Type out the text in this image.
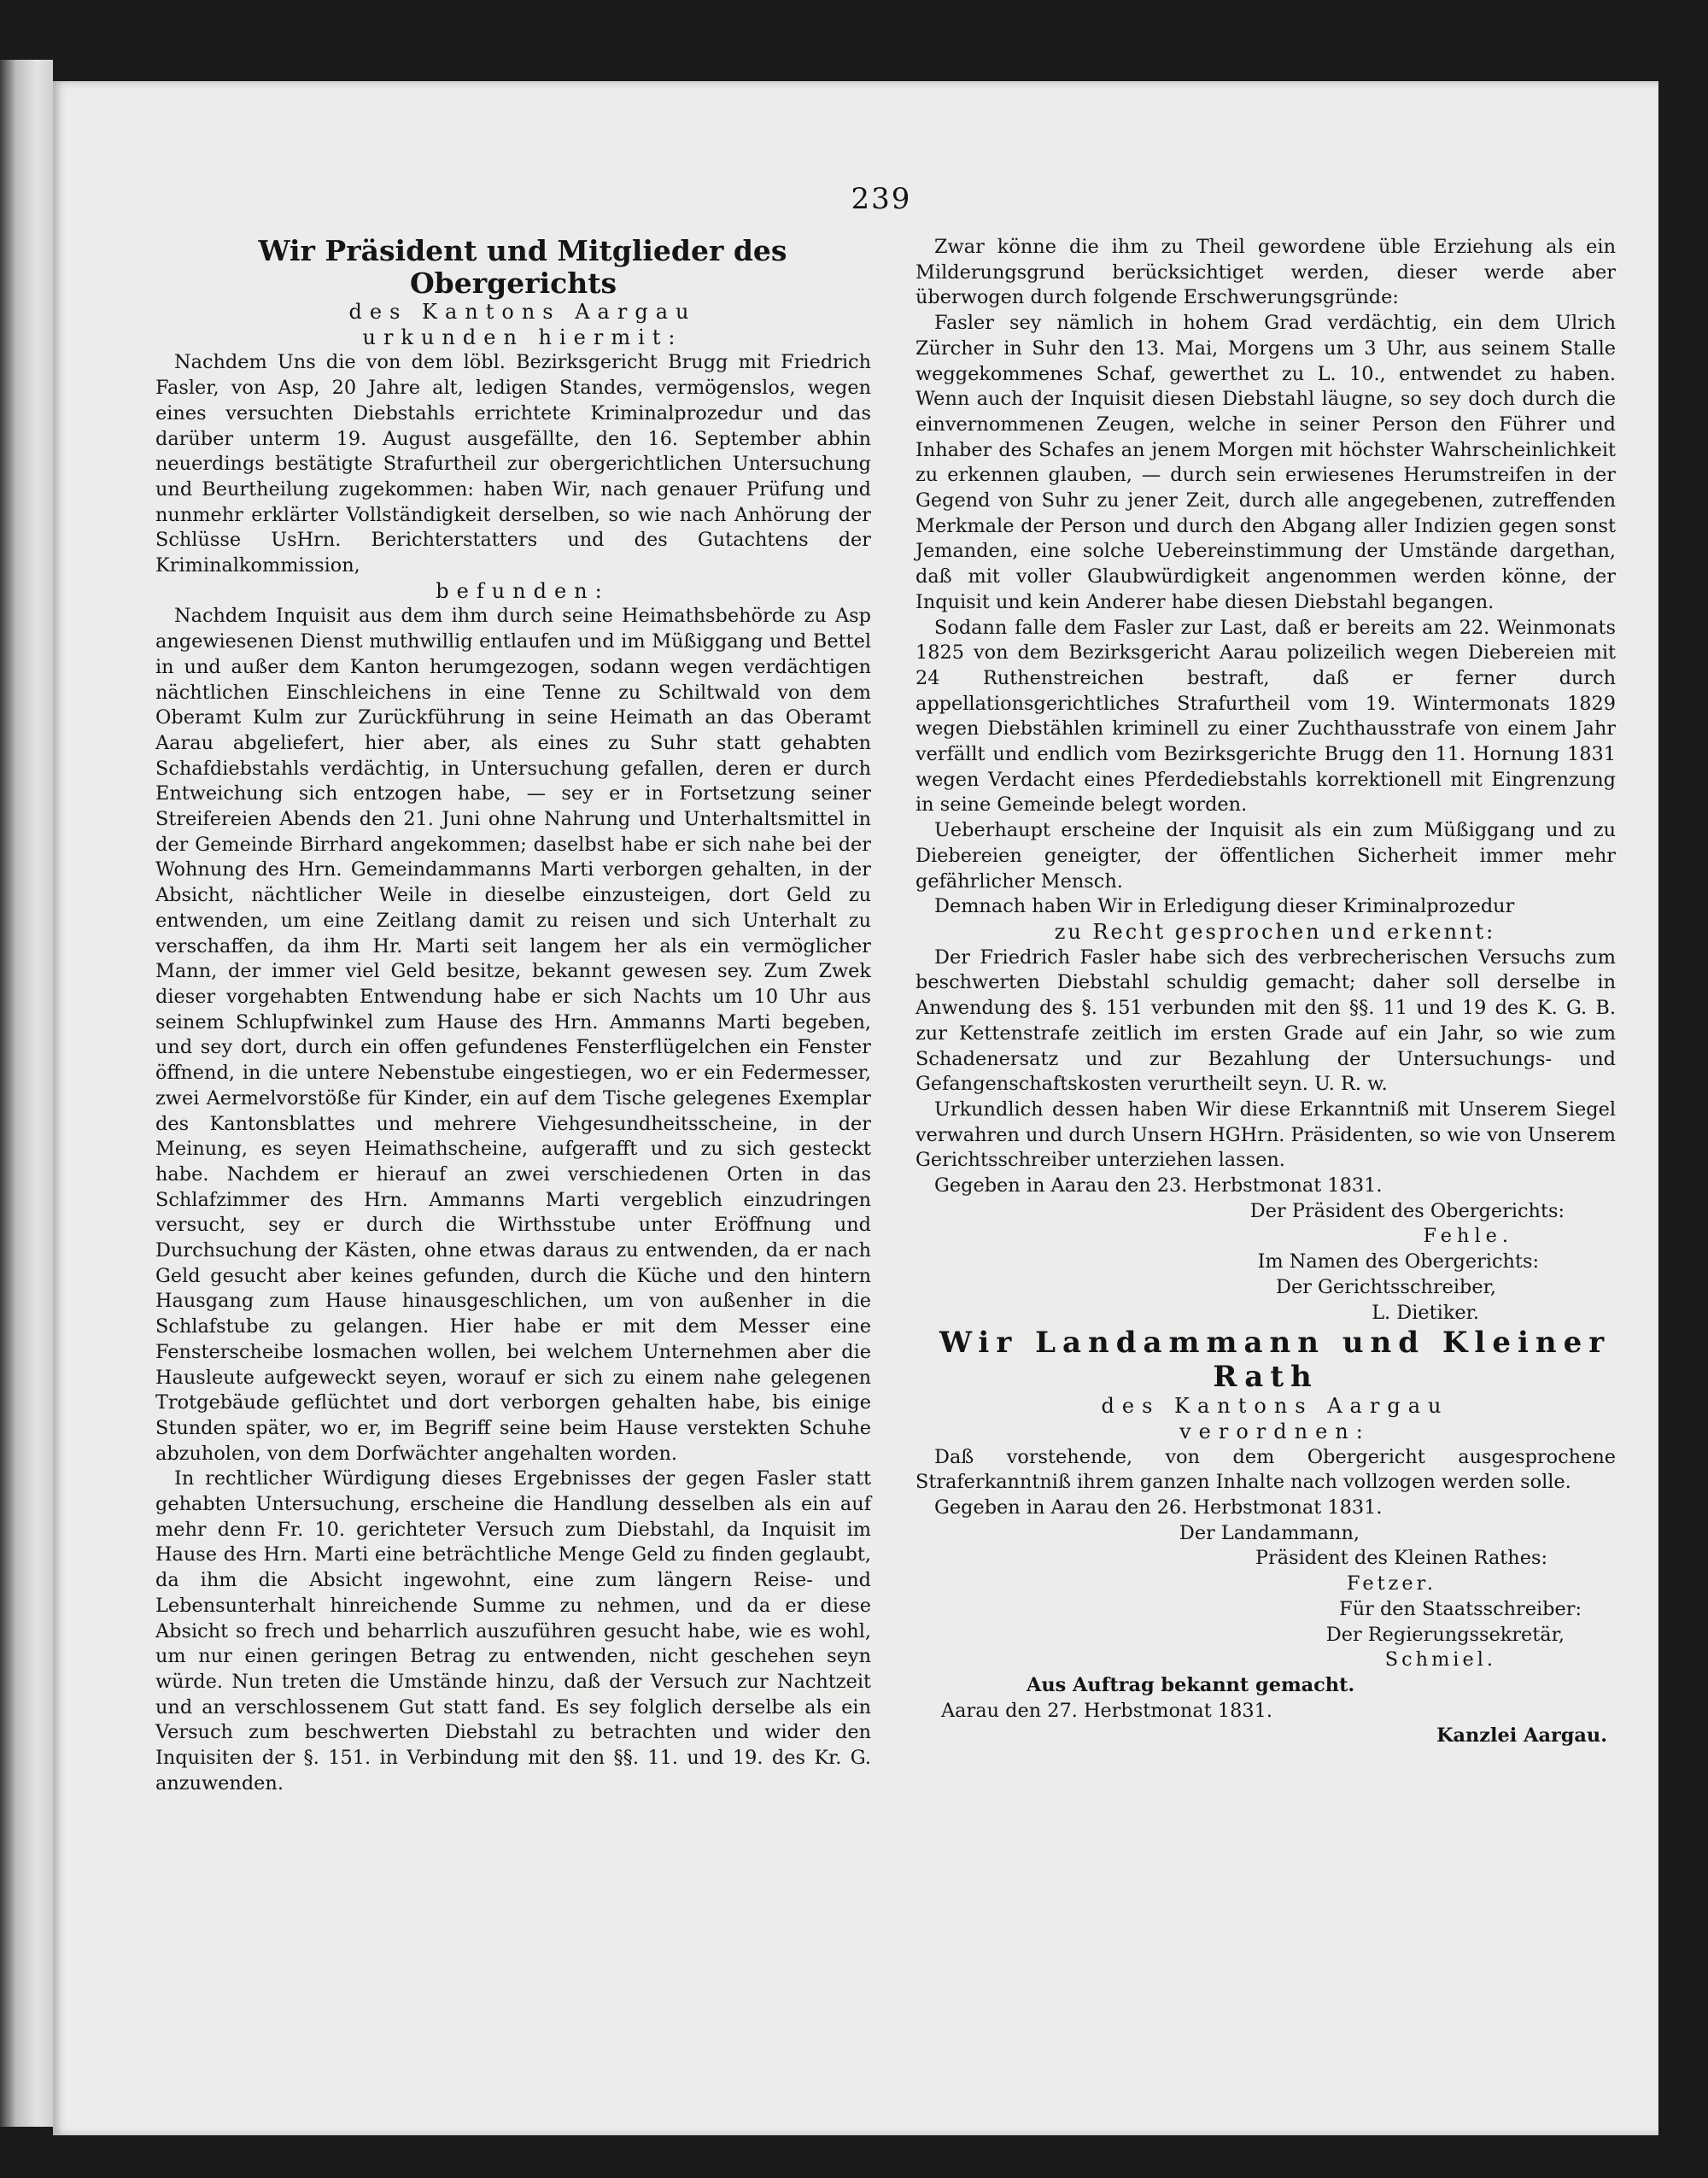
239

Wir Präsident und Mitglieder des Obergerichts

des Kantons Aargau

urkunden hiermit:

Nachdem Uns die von dem löbl. Bezirksgericht Brugg mit Friedrich Fasler, von Asp, 20 Jahre alt, ledigen Standes, vermögenslos, wegen eines versuchten Diebstahls errichtete Kriminalprozedur und das darüber unterm 19. August ausgefällte, den 16. September abhin neuerdings bestätigte Strafurtheil zur obergerichtlichen Untersuchung und Beurtheilung zugekommen: haben Wir, nach genauer Prüfung und nunmehr erklärter Vollständigkeit derselben, so wie nach Anhörung der Schlüsse UsHrn. Berichterstatters und des Gutachtens der Kriminalkommission,

befunden:

Nachdem Inquisit aus dem ihm durch seine Heimathsbehörde zu Asp angewiesenen Dienst muthwillig entlaufen und im Müßiggang und Bettel in und außer dem Kanton herumgezogen, sodann wegen verdächtigen nächtlichen Einschleichens in eine Tenne zu Schiltwald von dem Oberamt Kulm zur Zurückführung in seine Heimath an das Oberamt Aarau abgeliefert, hier aber, als eines zu Suhr statt gehabten Schafdiebstahls verdächtig, in Untersuchung gefallen, deren er durch Entweichung sich entzogen habe, — sey er in Fortsetzung seiner Streifereien Abends den 21. Juni ohne Nahrung und Unterhaltsmittel in der Gemeinde Birrhard angekommen; daselbst habe er sich nahe bei der Wohnung des Hrn. Gemeindammanns Marti verborgen gehalten, in der Absicht, nächtlicher Weile in dieselbe einzusteigen, dort Geld zu entwenden, um eine Zeitlang damit zu reisen und sich Unterhalt zu verschaffen, da ihm Hr. Marti seit langem her als ein vermöglicher Mann, der immer viel Geld besitze, bekannt gewesen sey. Zum Zwek dieser vorgehabten Entwendung habe er sich Nachts um 10 Uhr aus seinem Schlupfwinkel zum Hause des Hrn. Ammanns Marti begeben, und sey dort, durch ein offen gefundenes Fensterflügelchen ein Fenster öffnend, in die untere Nebenstube eingestiegen, wo er ein Federmesser, zwei Aermelvorstöße für Kinder, ein auf dem Tische gelegenes Exemplar des Kantonsblattes und mehrere Viehgesundheitsscheine, in der Meinung, es seyen Heimathscheine, aufgerafft und zu sich gesteckt habe. Nachdem er hierauf an zwei verschiedenen Orten in das Schlafzimmer des Hrn. Ammanns Marti vergeblich einzudringen versucht, sey er durch die Wirthsstube unter Eröffnung und Durchsuchung der Kästen, ohne etwas daraus zu entwenden, da er nach Geld gesucht aber keines gefunden, durch die Küche und den hintern Hausgang zum Hause hinausgeschlichen, um von außenher in die Schlafstube zu gelangen. Hier habe er mit dem Messer eine Fensterscheibe losmachen wollen, bei welchem Unternehmen aber die Hausleute aufgeweckt seyen, worauf er sich zu einem nahe gelegenen Trotgebäude geflüchtet und dort verborgen gehalten habe, bis einige Stunden später, wo er, im Begriff seine beim Hause verstekten Schuhe abzuholen, von dem Dorfwächter angehalten worden.

In rechtlicher Würdigung dieses Ergebnisses der gegen Fasler statt gehabten Untersuchung, erscheine die Handlung desselben als ein auf mehr denn Fr. 10. gerichteter Versuch zum Diebstahl, da Inquisit im Hause des Hrn. Marti eine beträchtliche Menge Geld zu finden geglaubt, da ihm die Absicht ingewohnt, eine zum längern Reise- und Lebensunterhalt hinreichende Summe zu nehmen, und da er diese Absicht so frech und beharrlich auszuführen gesucht habe, wie es wohl, um nur einen geringen Betrag zu entwenden, nicht geschehen seyn würde. Nun treten die Umstände hinzu, daß der Versuch zur Nachtzeit und an verschlossenem Gut statt fand. Es sey folglich derselbe als ein Versuch zum beschwerten Diebstahl zu betrachten und wider den Inquisiten der §. 151. in Verbindung mit den §§. 11. und 19. des Kr. G. anzuwenden.

Zwar könne die ihm zu Theil gewordene üble Erziehung als ein Milderungsgrund berücksichtiget werden, dieser werde aber überwogen durch folgende Erschwerungsgründe:

Fasler sey nämlich in hohem Grad verdächtig, ein dem Ulrich Zürcher in Suhr den 13. Mai, Morgens um 3 Uhr, aus seinem Stalle weggekommenes Schaf, gewerthet zu L. 10., entwendet zu haben. Wenn auch der Inquisit diesen Diebstahl läugne, so sey doch durch die einvernommenen Zeugen, welche in seiner Person den Führer und Inhaber des Schafes an jenem Morgen mit höchster Wahrscheinlichkeit zu erkennen glauben, — durch sein erwiesenes Herumstreifen in der Gegend von Suhr zu jener Zeit, durch alle angegebenen, zutreffenden Merkmale der Person und durch den Abgang aller Indizien gegen sonst Jemanden, eine solche Uebereinstimmung der Umstände dargethan, daß mit voller Glaubwürdigkeit angenommen werden könne, der Inquisit und kein Anderer habe diesen Diebstahl begangen.

Sodann falle dem Fasler zur Last, daß er bereits am 22. Weinmonats 1825 von dem Bezirksgericht Aarau polizeilich wegen Diebereien mit 24 Ruthenstreichen bestraft, daß er ferner durch appellationsgerichtliches Strafurtheil vom 19. Wintermonats 1829 wegen Diebstählen kriminell zu einer Zuchthausstrafe von einem Jahr verfällt und endlich vom Bezirksgerichte Brugg den 11. Hornung 1831 wegen Verdacht eines Pferdediebstahls korrektionell mit Eingrenzung in seine Gemeinde belegt worden.

Ueberhaupt erscheine der Inquisit als ein zum Müßiggang und zu Diebereien geneigter, der öffentlichen Sicherheit immer mehr gefährlicher Mensch.

Demnach haben Wir in Erledigung dieser Kriminalprozedur

zu Recht gesprochen und erkennt:

Der Friedrich Fasler habe sich des verbrecherischen Versuchs zum beschwerten Diebstahl schuldig gemacht; daher soll derselbe in Anwendung des §. 151 verbunden mit den §§. 11 und 19 des K. G. B. zur Kettenstrafe zeitlich im ersten Grade auf ein Jahr, so wie zum Schadenersatz und zur Bezahlung der Untersuchungs- und Gefangenschaftskosten verurtheilt seyn. U. R. w.

Urkundlich dessen haben Wir diese Erkanntniß mit Unserem Siegel verwahren und durch Unsern HGHrn. Präsidenten, so wie von Unserem Gerichtsschreiber unterziehen lassen.

Gegeben in Aarau den 23. Herbstmonat 1831.

Der Präsident des Obergerichts:

Fehle.

Im Namen des Obergerichts:

Der Gerichtsschreiber,

L. Dietiker.

Wir Landammann und Kleiner Rath

des Kantons Aargau

verordnen:

Daß vorstehende, von dem Obergericht ausgesprochene Straferkanntniß ihrem ganzen Inhalte nach vollzogen werden solle.

Gegeben in Aarau den 26. Herbstmonat 1831.

Der Landammann,

Präsident des Kleinen Rathes:

Fetzer.

Für den Staatsschreiber:

Der Regierungssekretär,

Schmiel.

Aus Auftrag bekannt gemacht.

Aarau den 27. Herbstmonat 1831.

Kanzlei Aargau.
